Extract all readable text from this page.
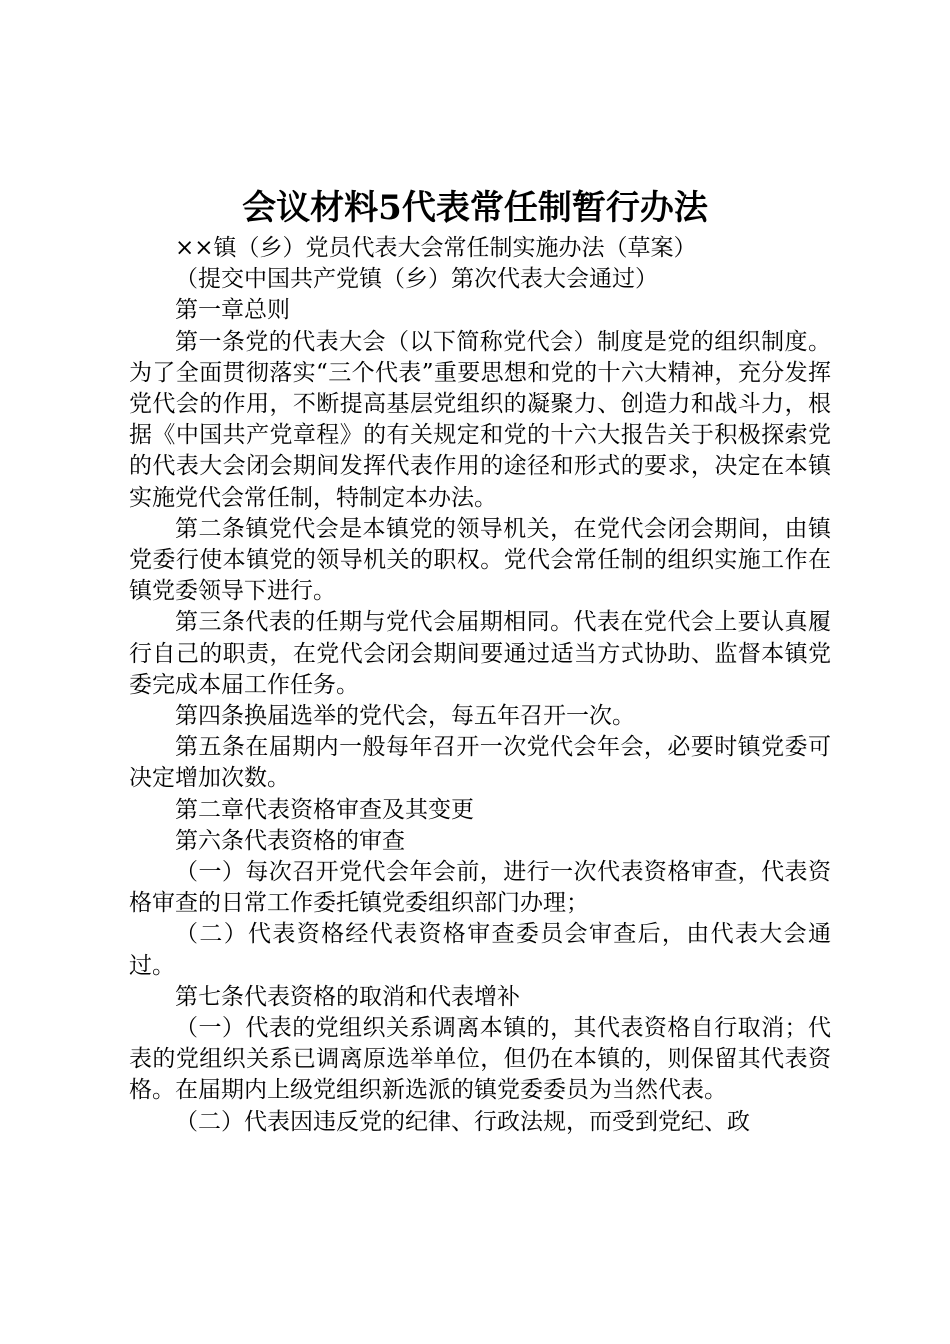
会议材料5代表常任制暂行办法

××镇（乡）党员代表大会常任制实施办法（草案）

（提交中国共产党镇（乡）第次代表大会通过）

第一章总则

第一条党的代表大会（以下简称党代会）制度是党的组织制度。为了全面贯彻落实“三个代表”重要思想和党的十六大精神，充分发挥党代会的作用，不断提高基层党组织的凝聚力、创造力和战斗力，根据《中国共产党章程》的有关规定和党的十六大报告关于积极探索党的代表大会闭会期间发挥代表作用的途径和形式的要求，决定在本镇实施党代会常任制，特制定本办法。

第二条镇党代会是本镇党的领导机关，在党代会闭会期间，由镇党委行使本镇党的领导机关的职权。党代会常任制的组织实施工作在镇党委领导下进行。

第三条代表的任期与党代会届期相同。代表在党代会上要认真履行自己的职责，在党代会闭会期间要通过适当方式协助、监督本镇党委完成本届工作任务。

第四条换届选举的党代会，每五年召开一次。

第五条在届期内一般每年召开一次党代会年会，必要时镇党委可决定增加次数。

第二章代表资格审查及其变更

第六条代表资格的审查

（一）每次召开党代会年会前，进行一次代表资格审查，代表资格审查的日常工作委托镇党委组织部门办理；

（二）代表资格经代表资格审查委员会审查后，由代表大会通过。

第七条代表资格的取消和代表增补

（一）代表的党组织关系调离本镇的，其代表资格自行取消；代表的党组织关系已调离原选举单位，但仍在本镇的，则保留其代表资格。在届期内上级党组织新选派的镇党委委员为当然代表。

（二）代表因违反党的纪律、行政法规，而受到党纪、政
